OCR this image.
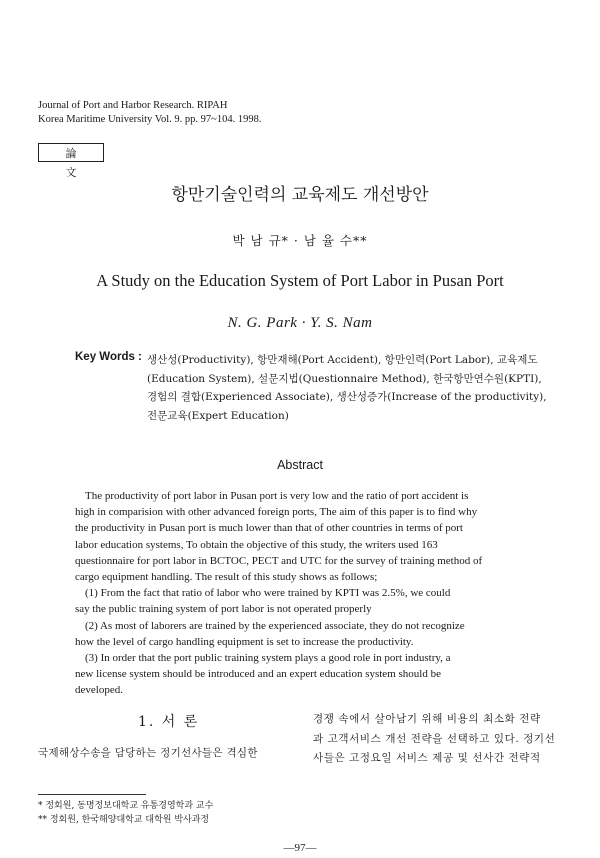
Journal of Port and Harbor Research. RIPAH
Korea Maritime University Vol. 9. pp. 97~104. 1998.
論文
항만기술인력의 교육제도 개선방안
박 남 규* · 남 율 수**
A Study on the Education System of Port Labor in Pusan Port
N. G. Park · Y. S. Nam
Key Words : 생산성(Productivity), 항만재해(Port Accident), 항만인력(Port Labor), 교육제도
(Education System), 설문지법(Questionnaire Method), 한국항만연수원(KPTI),
경험의 결합(Experienced Associate), 생산성증가(Increase of the productivity),
전문교육(Expert Education)
Abstract
The productivity of port labor in Pusan port is very low and the ratio of port accident is
high in comparision with other advanced foreign ports, The aim of this paper is to find why
the productivity in Pusan port is much lower than that of other countries in terms of port
labor education systems, To obtain the objective of this study, the writers used 163
questionnaire for port labor in BCTOC, PECT and UTC for the survey of training method of
cargo equipment handling. The result of this study shows as follows;
(1) From the fact that ratio of labor who were trained by KPTI was 2.5%, we could
say the public training system of port labor is not operated properly
(2) As most of laborers are trained by the experienced associate, they do not recognize
how the level of cargo handling equipment is set to increase the productivity.
(3) In order that the port public training system plays a good role in port industry, a
new license system should be introduced and an expert education system should be
developed.
1. 서 론
국제해상수송을 담당하는 정기선사들은 격심한
경쟁 속에서 살아남기 위해 비용의 최소화 전략
과 고객서비스 개선 전략을 선택하고 있다. 정기선
사들은 고정요일 서비스 제공 및 선사간 전략적
* 정회원, 동명정보대학교 유통경영학과 교수
** 정회원, 한국해양대학교 대학원 박사과정
—97—
